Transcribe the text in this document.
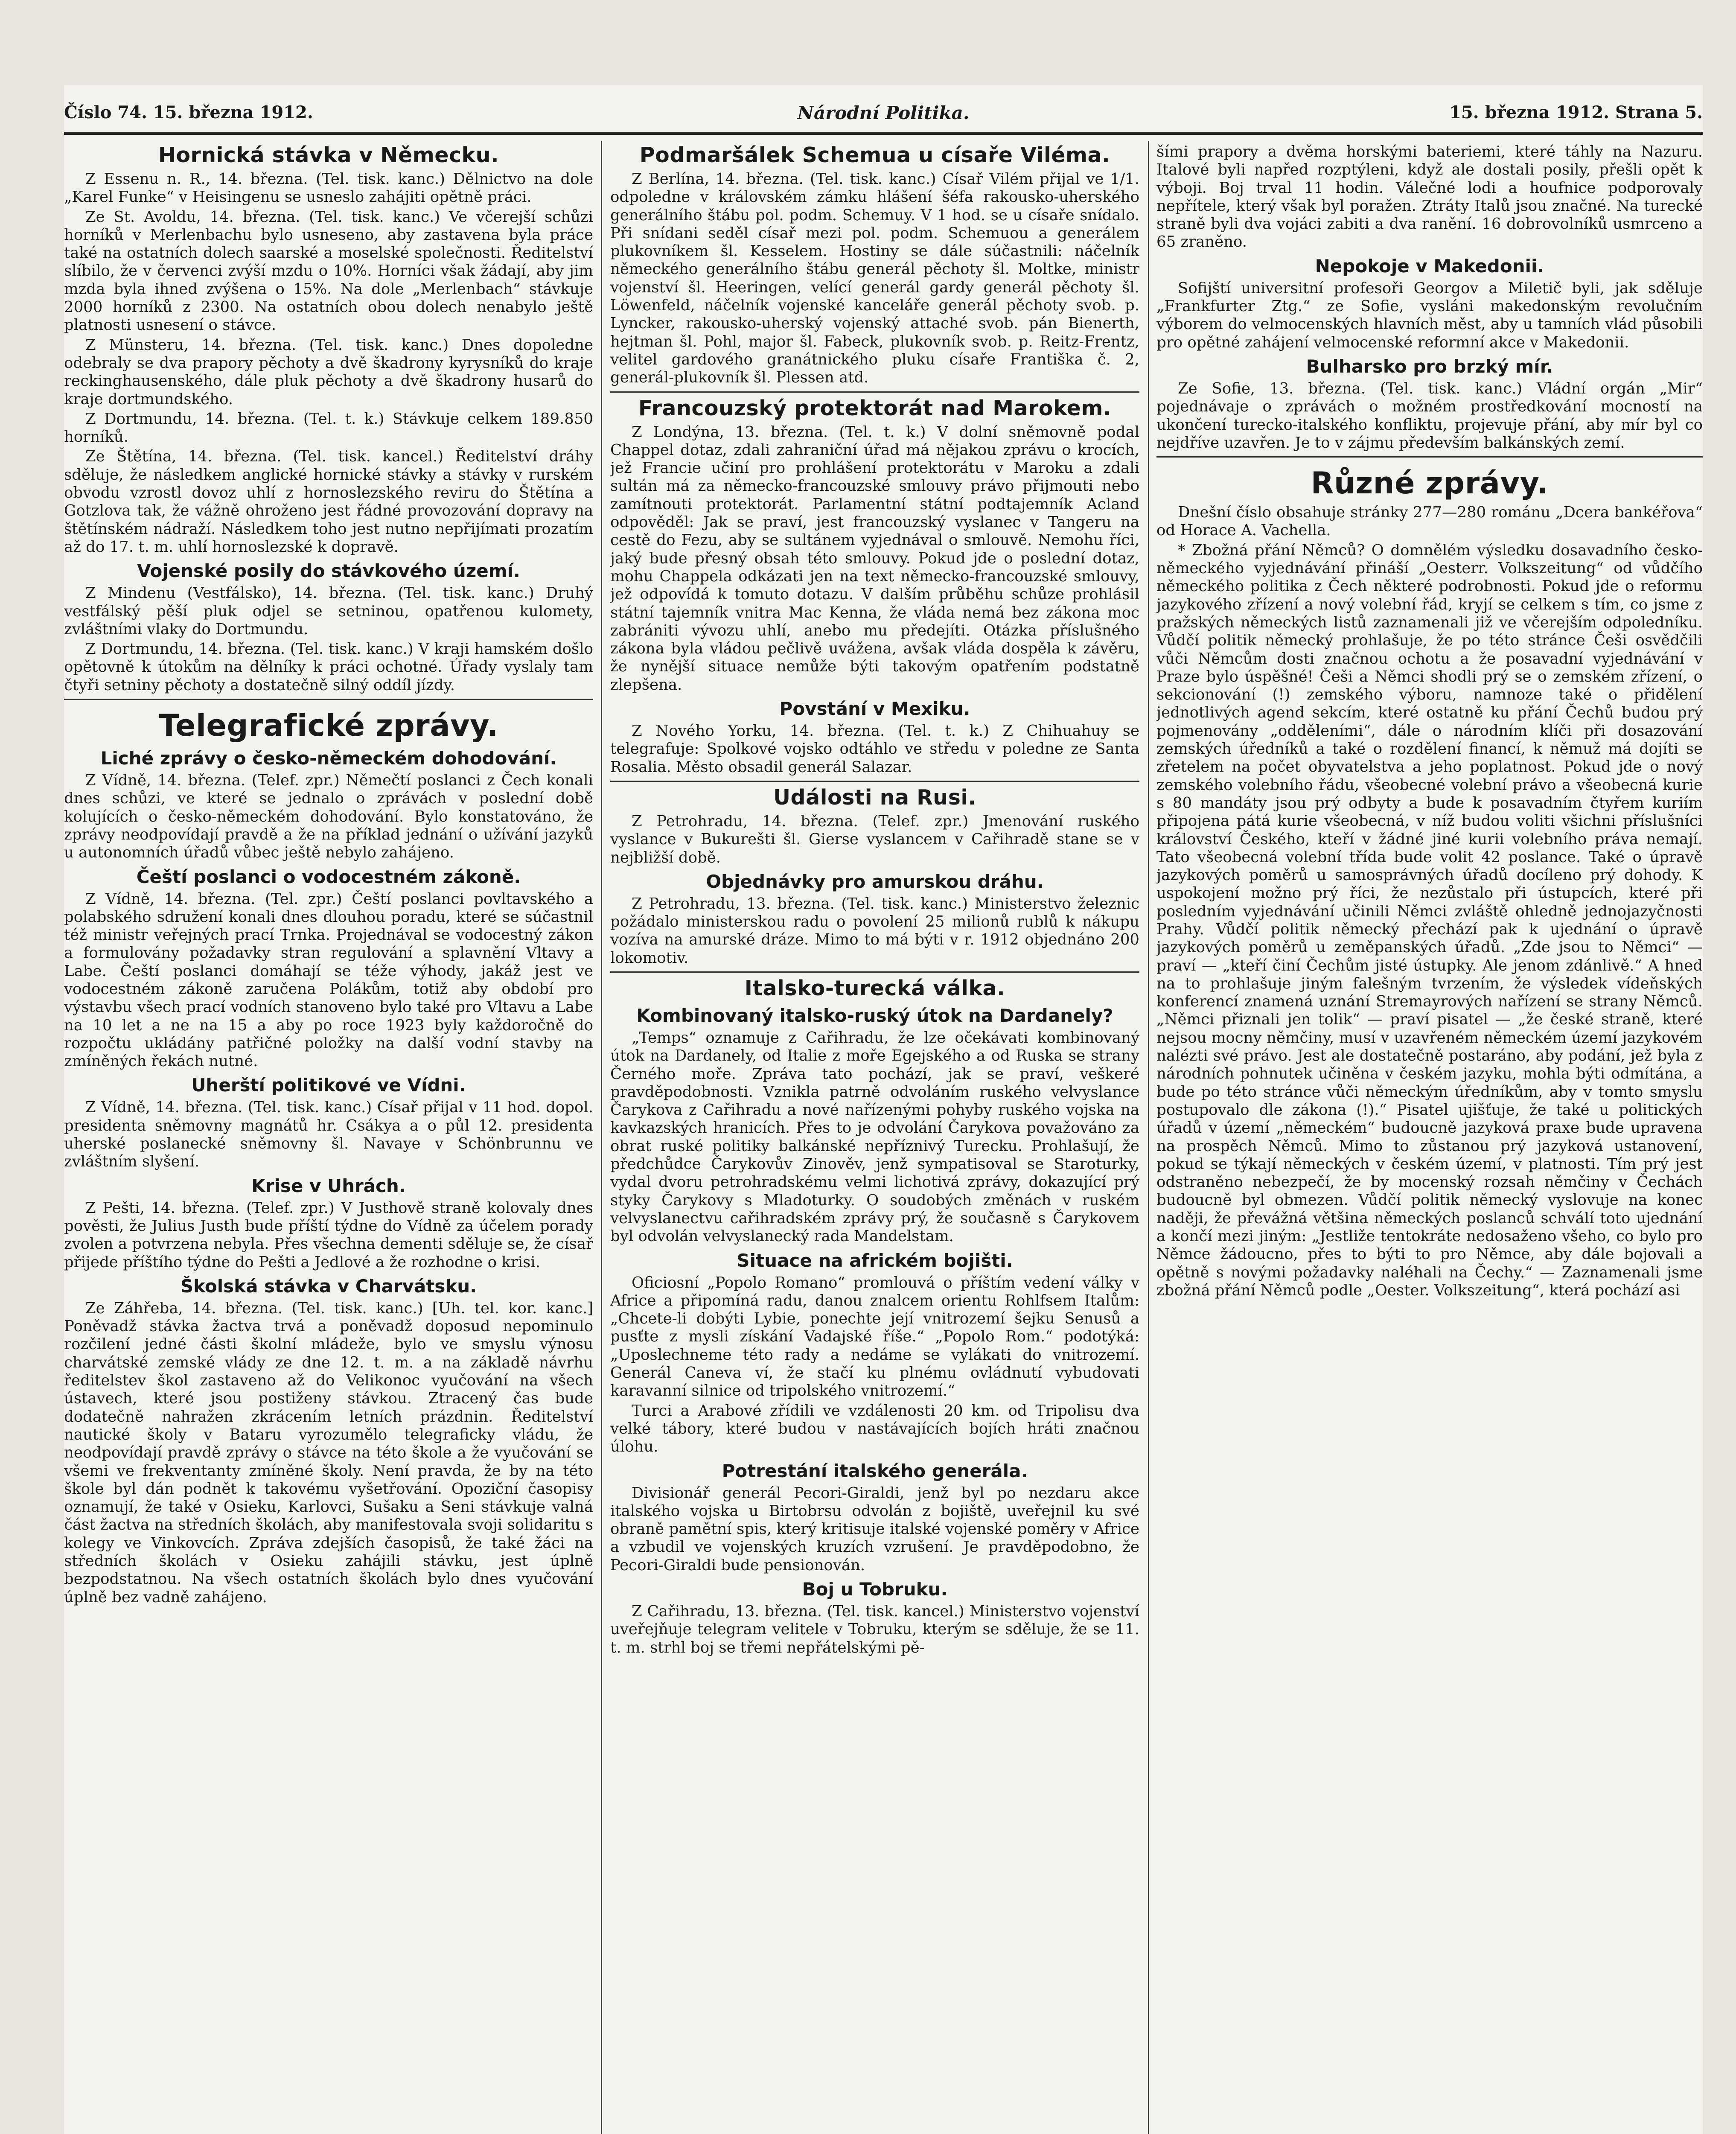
Číslo 74. 15. března 1912.	Národní Politika.	15. března 1912. Strana 5.
Hornická stávka v Německu.

Z Essenu n. R., 14. března. (Tel. tisk. kanc.) Dělnictvo na dole „Karel Funke“ v Heisingenu se usneslo zahájiti opětně práci.

Ze St. Avoldu, 14. března. (Tel. tisk. kanc.) Ve včerejší schůzi horníků v Merlenbachu bylo usneseno, aby zastavena byla práce také na ostatních dolech saarské a moselské společnosti. Ředitelství slíbilo, že v červenci zvýší mzdu o 10%. Horníci však žádají, aby jim mzda byla ihned zvýšena o 15%. Na dole „Merlenbach“ stávkuje 2000 horníků z 2300. Na ostatních obou dolech nenabylo ještě platnosti usnesení o stávce.

Z Münsteru, 14. března. (Tel. tisk. kanc.) Dnes dopoledne odebraly se dva prapory pěchoty a dvě škadrony kyrysníků do kraje reckinghausenského, dále pluk pěchoty a dvě škadrony husarů do kraje dortmundského.

Z Dortmundu, 14. března. (Tel. t. k.) Stávkuje celkem 189.850 horníků.

Ze Štětína, 14. března. (Tel. tisk. kancel.) Ředitelství dráhy sděluje, že následkem anglické hornické stávky a stávky v rurském obvodu vzrostl dovoz uhlí z hornoslezského reviru do Štětína a Gotzlova tak, že vážně ohroženo jest řádné provozování dopravy na štětínském nádraží. Následkem toho jest nutno nepřijímati prozatím až do 17. t. m. uhlí hornoslezské k dopravě.

Vojenské posily do stávkového území.

Z Mindenu (Vestfálsko), 14. března. (Tel. tisk. kanc.) Druhý vestfálský pěší pluk odjel se setninou, opatřenou kulomety, zvláštními vlaky do Dortmundu.

Z Dortmundu, 14. března. (Tel. tisk. kanc.) V kraji hamském došlo opětovně k útokům na dělníky k práci ochotné. Úřady vyslaly tam čtyři setniny pěchoty a dostatečně silný oddíl jízdy.

Telegrafické zprávy.
Liché zprávy o česko-německém dohodování.

Z Vídně, 14. března. (Telef. zpr.) Němečtí poslanci z Čech konali dnes schůzi, ve které se jednalo o zprávách v poslední době kolujících o česko-německém dohodování. Bylo konstatováno, že zprávy neodpovídají pravdě a že na příklad jednání o užívání jazyků u autonomních úřadů vůbec ještě nebylo zahájeno.

Čeští poslanci o vodocestném zákoně.

Z Vídně, 14. března. (Tel. zpr.) Čeští poslanci povltavského a polabského sdružení konali dnes dlouhou poradu, které se súčastnil též ministr veřejných prací Trnka. Projednával se vodocestný zákon a formulovány požadavky stran regulování a splavnění Vltavy a Labe. Čeští poslanci domáhají se téže výhody, jakáž jest ve vodocestném zákoně zaručena Polákům, totiž aby období pro výstavbu všech prací vodních stanoveno bylo také pro Vltavu a Labe na 10 let a ne na 15 a aby po roce 1923 byly každoročně do rozpočtu ukládány patřičné položky na další vodní stavby na zmíněných řekách nutné.

Uherští politikové ve Vídni.

Z Vídně, 14. března. (Tel. tisk. kanc.) Císař přijal v 11 hod. dopol. presidenta sněmovny magnátů hr. Csákya a o půl 12. presidenta uherské poslanecké sněmovny šl. Navaye v Schönbrunnu ve zvláštním slyšení.

Krise v Uhrách.

Z Pešti, 14. března. (Telef. zpr.) V Justhově straně kolovaly dnes pověsti, že Julius Justh bude příští týdne do Vídně za účelem porady zvolen a potvrzena nebyla. Přes všechna dementi sděluje se, že císař přijede příštího týdne do Pešti a Jedlové a že rozhodne o krisi.

Školská stávka v Charvátsku.

Ze Záhřeba, 14. března. (Tel. tisk. kanc.) [Uh. tel. kor. kanc.] Poněvadž stávka žactva trvá a poněvadž doposud nepominulo rozčilení jedné části školní mládeže, bylo ve smyslu výnosu charvátské zemské vlády ze dne 12. t. m. a na základě návrhu ředitelstev škol zastaveno až do Velikonoc vyučování na všech ústavech, které jsou postiženy stávkou. Ztracený čas bude dodatečně nahražen zkrácením letních prázdnin. Ředitelství nautické školy v Bataru vyrozumělo telegraficky vládu, že neodpovídají pravdě zprávy o stávce na této škole a že vyučování se všemi ve frekventanty zmíněné školy. Není pravda, že by na této škole byl dán podnět k takovému vyšetřování. Opoziční časopisy oznamují, že také v Osieku, Karlovci, Sušaku a Seni stávkuje valná část žactva na středních školách, aby manifestovala svoji solidaritu s kolegy ve Vinkovcích. Zpráva zdejších časopisů, že také žáci na středních školách v Osieku zahájili stávku, jest úplně bezpodstatnou. Na všech ostatních školách bylo dnes vyučování úplně bez vadně zahájeno.

Podmaršálek Schemua u císaře Viléma.

Z Berlína, 14. března. (Tel. tisk. kanc.) Císař Vilém přijal ve 1/1. odpoledne v královském zámku hlášení šéfa rakousko-uherského generálního štábu pol. podm. Schemuy. V 1 hod. se u císaře snídalo. Při snídani seděl císař mezi pol. podm. Schemuou a generálem plukovníkem šl. Kesselem. Hostiny se dále súčastnili: náčelník německého generálního štábu generál pěchoty šl. Moltke, ministr vojenství šl. Heeringen, velící generál gardy generál pěchoty šl. Löwenfeld, náčelník vojenské kanceláře generál pěchoty svob. p. Lyncker, rakousko-uherský vojenský attaché svob. pán Bienerth, hejtman šl. Pohl, major šl. Fabeck, plukovník svob. p. Reitz-Frentz, velitel gardového granátnického pluku císaře Františka č. 2, generál-plukovník šl. Plessen atd.

Francouzský protektorát nad Marokem.

Z Londýna, 13. března. (Tel. t. k.) V dolní sněmovně podal Chappel dotaz, zdali zahraniční úřad má nějakou zprávu o krocích, jež Francie učiní pro prohlášení protektorátu v Maroku a zdali sultán má za německo-francouzské smlouvy právo přijmouti nebo zamítnouti protektorát. Parlamentní státní podtajemník Acland odpověděl: Jak se praví, jest francouzský vyslanec v Tangeru na cestě do Fezu, aby se sultánem vyjednával o smlouvě. Nemohu říci, jaký bude přesný obsah této smlouvy. Pokud jde o poslední dotaz, mohu Chappela odkázati jen na text německo-francouzské smlouvy, jež odpovídá k tomuto dotazu. V dalším průběhu schůze prohlásil státní tajemník vnitra Mac Kenna, že vláda nemá bez zákona moc zabrániti vývozu uhlí, anebo mu předejíti. Otázka příslušného zákona byla vládou pečlivě uvážena, avšak vláda dospěla k závěru, že nynější situace nemůže býti takovým opatřením podstatně zlepšena.

Povstání v Mexiku.

Z Nového Yorku, 14. března. (Tel. t. k.) Z Chihuahuy se telegrafuje: Spolkové vojsko odtáhlo ve středu v poledne ze Santa Rosalia. Město obsadil generál Salazar.

Události na Rusi.

Z Petrohradu, 14. března. (Telef. zpr.) Jmenování ruského vyslance v Bukurešti šl. Gierse vyslancem v Cařihradě stane se v nejbližší době.

Objednávky pro amurskou dráhu.

Z Petrohradu, 13. března. (Tel. tisk. kanc.) Ministerstvo železnic požádalo ministerskou radu o povolení 25 milionů rublů k nákupu vozíva na amurské dráze. Mimo to má býti v r. 1912 objednáno 200 lokomotiv.

Italsko-turecká válka.
Kombinovaný italsko-ruský útok na Dardanely?

„Temps“ oznamuje z Cařihradu, že lze očekávati kombinovaný útok na Dardanely, od Italie z moře Egejského a od Ruska se strany Černého moře. Zpráva tato pochází, jak se praví, veškeré pravděpodobnosti. Vznikla patrně odvoláním ruského velvyslance Čarykova z Cařihradu a nové nařízenými pohyby ruského vojska na kavkazských hranicích. Přes to je odvolání Čarykova považováno za obrat ruské politiky balkánské nepříznivý Turecku. Prohlašují, že předchůdce Čarykovův Zinověv, jenž sympatisoval se Staroturky, vydal dvoru petrohradskému velmi lichotivá zprávy, dokazující prý styky Čarykovy s Mladoturky. O soudobých změnách v ruském velvyslanectvu cařihradském zprávy prý, že současně s Čarykovem byl odvolán velvyslanecký rada Mandelstam.

Situace na africkém bojišti.

Oficiosní „Popolo Romano“ promlouvá o příštím vedení války v Africe a připomíná radu, danou znalcem orientu Rohlfsem Italům: „Chcete-li dobýti Lybie, ponechte její vnitrozemí šejku Senusů a pusťte z mysli získání Vadajské říše.“ „Popolo Rom.“ podotýká: „Uposlechneme této rady a nedáme se vylákati do vnitrozemí. Generál Caneva ví, že stačí ku plnému ovládnutí vybudovati karavanní silnice od tripolského vnitrozemí.“

Turci a Arabové zřídili ve vzdálenosti 20 km. od Tripolisu dva velké tábory, které budou v nastávajících bojích hráti značnou úlohu.

Potrestání italského generála.

Divisionář generál Pecori-Giraldi, jenž byl po nezdaru akce italského vojska u Birtobrsu odvolán z bojiště, uveřejnil ku své obraně pamětní spis, který kritisuje italské vojenské poměry v Africe a vzbudil ve vojenských kruzích vzrušení. Je pravděpodobno, že Pecori-Giraldi bude pensionován.

Boj u Tobruku.

Z Cařihradu, 13. března. (Tel. tisk. kancel.) Ministerstvo vojenství uveřejňuje telegram velitele v Tobruku, kterým se sděluje, že se 11. t. m. strhl boj se třemi nepřátelskými pě-

šími prapory a dvěma horskými bateriemi, které táhly na Nazuru. Italové byli napřed rozptýleni, když ale dostali posily, přešli opět k výboji. Boj trval 11 hodin. Válečné lodi a houfnice podporovaly nepřítele, který však byl poražen. Ztráty Italů jsou značné. Na turecké straně byli dva vojáci zabiti a dva ranění. 16 dobrovolníků usmrceno a 65 zraněno.

Nepokoje v Makedonii.

Sofijští universitní profesoři Georgov a Miletič byli, jak sděluje „Frankfurter Ztg.“ ze Sofie, vysláni makedonským revolučním výborem do velmocenských hlavních měst, aby u tamních vlád působili pro opětné zahájení velmocenské reformní akce v Makedonii.

Bulharsko pro brzký mír.

Ze Sofie, 13. března. (Tel. tisk. kanc.) Vládní orgán „Mir“ pojednávaje o zprávách o možném prostředkování mocností na ukončení turecko-italského konfliktu, projevuje přání, aby mír byl co nejdříve uzavřen. Je to v zájmu především balkánských zemí.

Různé zprávy.

Dnešní číslo obsahuje stránky 277—280 románu „Dcera bankéřova“ od Horace A. Vachella.

* Zbožná přání Němců? O domnělém výsledku dosavadního česko-německého vyjednávání přináší „Oesterr. Volkszeitung“ od vůdčího německého politika z Čech některé podrobnosti. Pokud jde o reformu jazykového zřízení a nový volební řád, kryjí se celkem s tím, co jsme z pražských německých listů zaznamenali již ve včerejším odpoledníku. Vůdčí politik německý prohlašuje, že po této stránce Češi osvědčili vůči Němcům dosti značnou ochotu a že posavadní vyjednávání v Praze bylo úspěšné! Češi a Němci shodli prý se o zemském zřízení, o sekcionování (!) zemského výboru, namnoze také o přidělení jednotlivých agend sekcím, které ostatně ku přání Čechů budou prý pojmenovány „odděleními“, dále o národním klíči při dosazování zemských úředníků a také o rozdělení financí, k němuž má dojíti se zřetelem na počet obyvatelstva a jeho poplatnost. Pokud jde o nový zemského volebního řádu, všeobecné volební právo a všeobecná kurie s 80 mandáty jsou prý odbyty a bude k posavadním čtyřem kuriím připojena pátá kurie všeobecná, v níž budou voliti všichni příslušníci království Českého, kteří v žádné jiné kurii volebního práva nemají. Tato všeobecná volební třída bude volit 42 poslance. Také o úpravě jazykových poměrů u samosprávných úřadů docíleno prý dohody. K uspokojení možno prý říci, že nezůstalo při ústupcích, které při posledním vyjednávání učinili Němci zvláště ohledně jednojazyčnosti Prahy. Vůdčí politik německý přechází pak k ujednání o úpravě jazykových poměrů u zeměpanských úřadů. „Zde jsou to Němci“ — praví — „kteří činí Čechům jisté ústupky. Ale jenom zdánlivě.“ A hned na to prohlašuje jiným falešným tvrzením, že výsledek vídeňských konferencí znamená uznání Stremayrových nařízení se strany Němců. „Němci přiznali jen tolik“ — praví pisatel — „že české straně, které nejsou mocny němčiny, musí v uzavřeném německém území jazykovém nalézti své právo. Jest ale dostatečně postaráno, aby podání, jež byla z národních pohnutek učiněna v českém jazyku, mohla býti odmítána, a bude po této stránce vůči německým úředníkům, aby v tomto smyslu postupovalo dle zákona (!).“ Pisatel ujišťuje, že také u politických úřadů v území „německém“ budoucně jazyková praxe bude upravena na prospěch Němců. Mimo to zůstanou prý jazyková ustanovení, pokud se týkají německých v českém území, v platnosti. Tím prý jest odstraněno nebezpečí, že by mocenský rozsah němčiny v Čechách budoucně byl obmezen. Vůdčí politik německý vyslovuje na konec naději, že převážná většina německých poslanců schválí toto ujednání a končí mezi jiným: „Jestliže tentokráte nedosaženo všeho, co bylo pro Němce žádoucno, přes to býti to pro Němce, aby dále bojovali a opětně s novými požadavky naléhali na Čechy.“ — Zaznamenali jsme zbožná přání Němců podle „Oester. Volkszeitung“, která pochází asi
